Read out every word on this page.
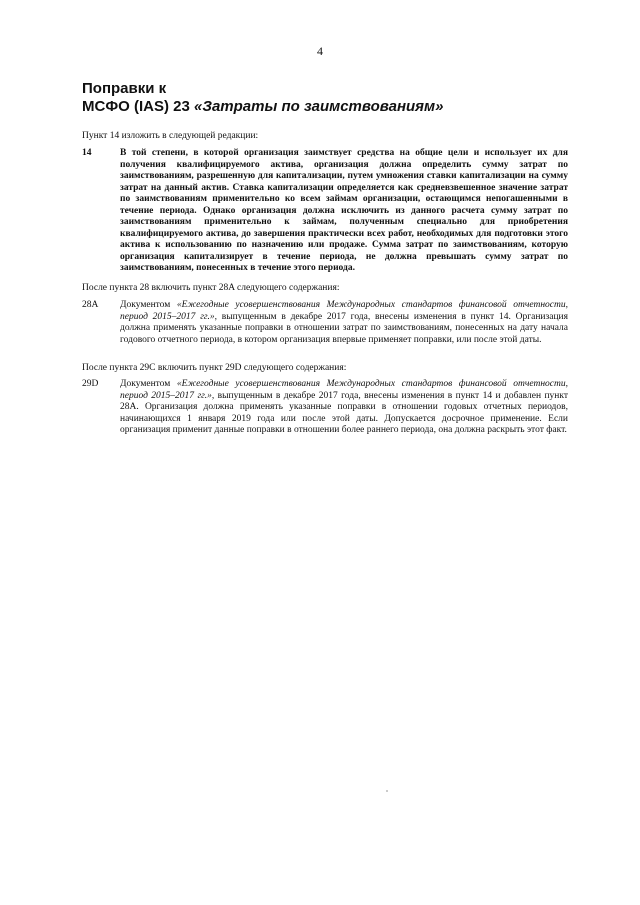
4
Поправки к
МСФО (IAS) 23 «Затраты по заимствованиям»
Пункт 14 изложить в следующей редакции:
14	В той степени, в которой организация заимствует средства на общие цели и использует их для получения квалифицируемого актива, организация должна определить сумму затрат по заимствованиям, разрешенную для капитализации, путем умножения ставки капитализации на сумму затрат на данный актив. Ставка капитализации определяется как средневзвешенное значение затрат по заимствованиям применительно ко всем займам организации, остающимся непогашенными в течение периода. Однако организация должна исключить из данного расчета сумму затрат по заимствованиям применительно к займам, полученным специально для приобретения квалифицируемого актива, до завершения практически всех работ, необходимых для подготовки этого актива к использованию по назначению или продаже. Сумма затрат по заимствованиям, которую организация капитализирует в течение периода, не должна превышать сумму затрат по заимствованиям, понесенных в течение этого периода.
После пункта 28 включить пункт 28A следующего содержания:
28A	Документом «Ежегодные усовершенствования Международных стандартов финансовой отчетности, период 2015–2017 гг.», выпущенным в декабре 2017 года, внесены изменения в пункт 14. Организация должна применять указанные поправки в отношении затрат по заимствованиям, понесенных на дату начала годового отчетного периода, в котором организация впервые применяет поправки, или после этой даты.
После пункта 29C включить пункт 29D следующего содержания:
29D	Документом «Ежегодные усовершенствования Международных стандартов финансовой отчетности, период 2015–2017 гг.», выпущенным в декабре 2017 года, внесены изменения в пункт 14 и добавлен пункт 28A. Организация должна применять указанные поправки в отношении годовых отчетных периодов, начинающихся 1 января 2019 года или после этой даты. Допускается досрочное применение. Если организация применит данные поправки в отношении более раннего периода, она должна раскрыть этот факт.
